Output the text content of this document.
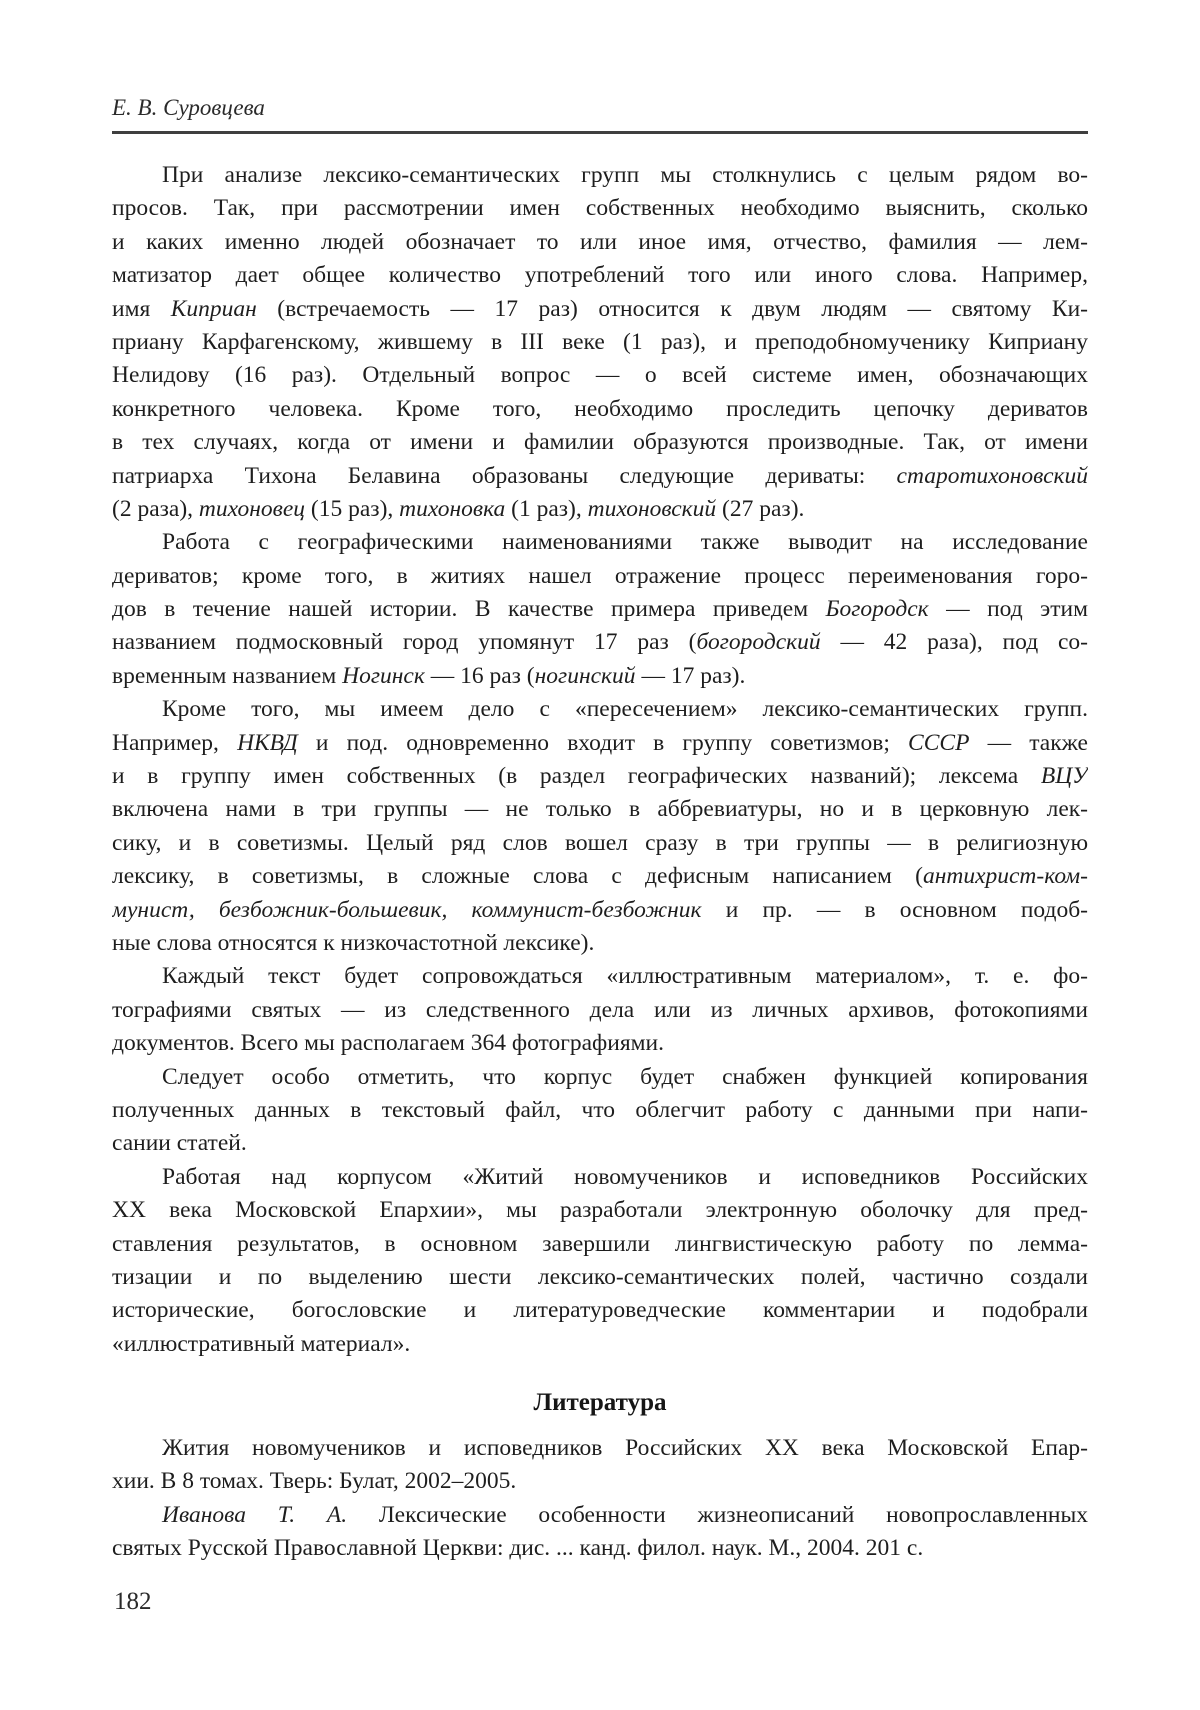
Е. В. Суровцева
При анализе лексико-семантических групп мы столкнулись с целым рядом во-
просов. Так, при рассмотрении имен собственных необходимо выяснить, сколько
и каких именно людей обозначает то или иное имя, отчество, фамилия — лем-
матизатор дает общее количество употреблений того или иного слова. Например,
имя Киприан (встречаемость — 17 раз) относится к двум людям — святому Ки-
приану Карфагенскому, жившему в III веке (1 раз), и преподобномученику Киприану
Нелидову (16 раз). Отдельный вопрос — о всей системе имен, обозначающих
конкретного человека. Кроме того, необходимо проследить цепочку дериватов
в тех случаях, когда от имени и фамилии образуются производные. Так, от имени
патриарха Тихона Белавина образованы следующие дериваты: старотихоновский
(2 раза), тихоновец (15 раз), тихоновка (1 раз), тихоновский (27 раз).
Работа с географическими наименованиями также выводит на исследование
дериватов; кроме того, в житиях нашел отражение процесс переименования горо-
дов в течение нашей истории. В качестве примера приведем Богородск — под этим
названием подмосковный город упомянут 17 раз (богородский — 42 раза), под со-
временным названием Ногинск — 16 раз (ногинский — 17 раз).
Кроме того, мы имеем дело с «пересечением» лексико-семантических групп.
Например, НКВД и под. одновременно входит в группу советизмов; СССР — также
и в группу имен собственных (в раздел географических названий); лексема ВЦУ
включена нами в три группы — не только в аббревиатуры, но и в церковную лек-
сику, и в советизмы. Целый ряд слов вошел сразу в три группы — в религиозную
лексику, в советизмы, в сложные слова с дефисным написанием (антихрист-ком-
мунист, безбожник-большевик, коммунист-безбожник и пр. — в основном подоб-
ные слова относятся к низкочастотной лексике).
Каждый текст будет сопровождаться «иллюстративным материалом», т. е. фо-
тографиями святых — из следственного дела или из личных архивов, фотокопиями
документов. Всего мы располагаем 364 фотографиями.
Следует особо отметить, что корпус будет снабжен функцией копирования
полученных данных в текстовый файл, что облегчит работу с данными при напи-
сании статей.
Работая над корпусом «Житий новомучеников и исповедников Российских
XX века Московской Епархии», мы разработали электронную оболочку для пред-
ставления результатов, в основном завершили лингвистическую работу по лемма-
тизации и по выделению шести лексико-семантических полей, частично создали
исторические, богословские и литературоведческие комментарии и подобрали
«иллюстративный материал».
Литература
Жития новомучеников и исповедников Российских XX века Московской Епар-
хии. В 8 томах. Тверь: Булат, 2002–2005.
Иванова Т. А. Лексические особенности жизнеописаний новопрославленных
святых Русской Православной Церкви: дис. ... канд. филол. наук. М., 2004. 201 с.
182
